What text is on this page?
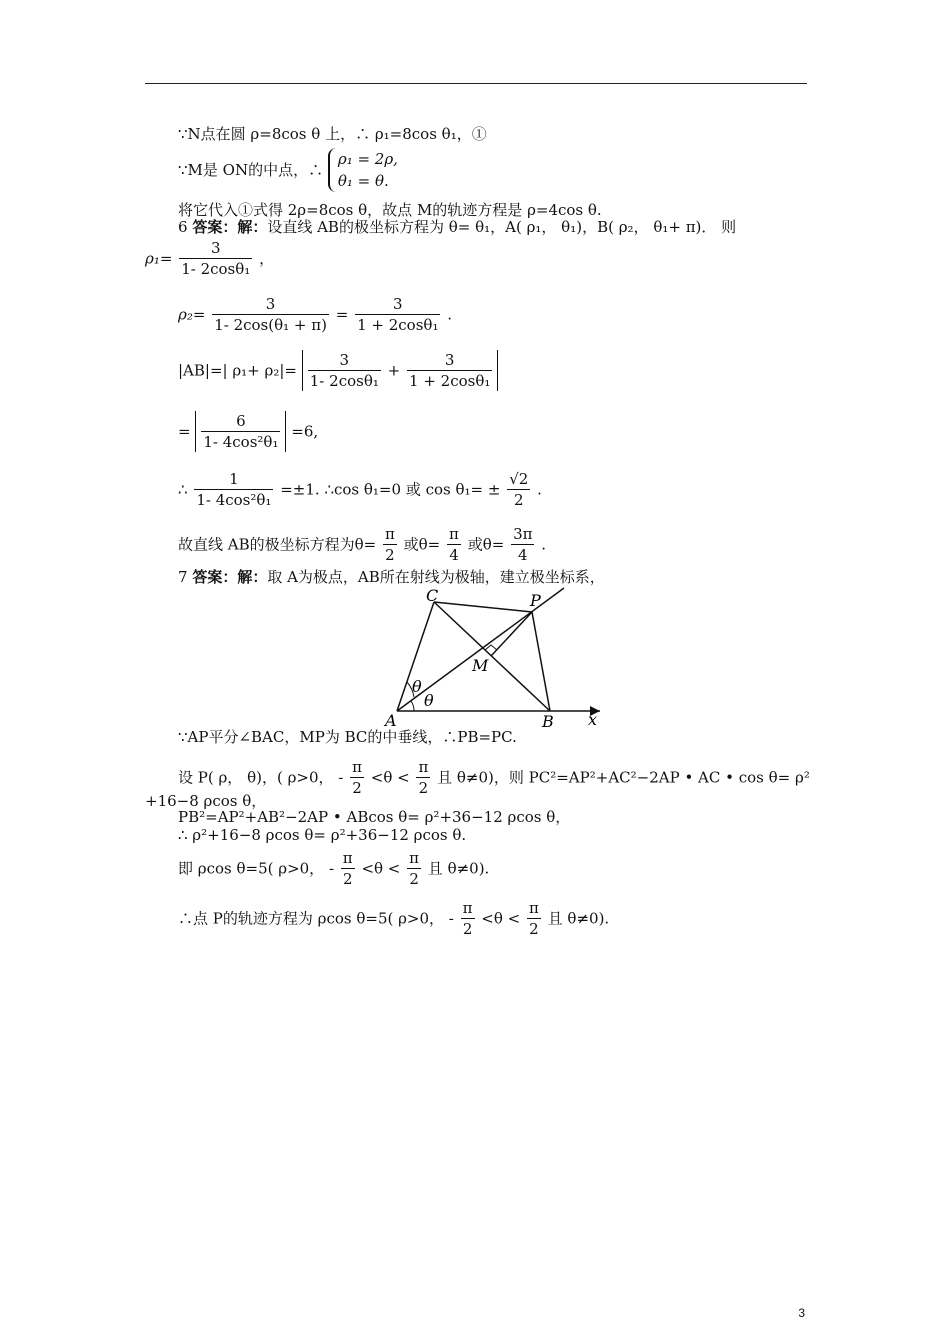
∵N点在圆 ρ=8cos θ 上，∴ ρ₁=8cos θ₁，①
∵M是 ON的中点，∴
ρ₁ = 2ρ,
θ₁ = θ.
将它代入①式得 2ρ=8cos θ，故点 M的轨迹方程是 ρ=4cos θ.
6 答案：解：设直线 AB的极坐标方程为 θ= θ₁，A( ρ₁， θ₁)，B( ρ₂， θ₁+ π)． 则
$\rho_1= \frac{3}{\text{1- 2cosθ₁}}$ ，
$\rho_2= \frac{3}{\text{1- 2cos(θ₁ + π)}} = \frac{3}{\text{1 + 2cosθ₁}}$ .
|AB|=| $\rho_1+ \rho_2|= \frac{3}{\text{1- 2cosθ₁}} + \frac{3}{\text{1 + 2cosθ₁}}$
= $\frac{6}{\text{1- 4cos²θ₁}} =6$,
∴ $\frac{1}{\text{1- 4cos²θ₁}} =\pm 1$. ∴cos θ₁=0 或 $\cos \theta_1= \pm \frac{√2}{2}$ .
故直线 AB的极坐标方程为$\theta= \frac{\pi}{2}$ 或$\theta= \frac{\pi}{4}$ 或$\theta= \frac{3\pi}{4}$ .
7 答案：解：取 A为极点，AB所在射线为极轴，建立极坐标系，
C	P
M
A	B x
θ
θ
∵AP平分∠BAC，MP为 BC的中垂线，∴PB=PC.
设 P( ρ， θ)，( ρ>0， - $\frac{\pi}{2} <\theta < \frac{\pi}{2}$ 且 θ≠0)，则 PC²=AP²+AC²−2AP • AC • cos θ= ρ²
+16−8 ρcos θ，
PB²=AP²+AB²−2AP • ABcos θ= ρ²+36−12 ρcos θ，
∴ ρ²+16−8 ρcos θ= ρ²+36−12 ρcos θ.
即 ρcos θ=5( ρ>0， - $\frac{\pi}{2} <\theta < \frac{\pi}{2}$ 且 θ≠0).
∴点 P的轨迹方程为 ρcos θ=5( ρ>0， - $\frac{\pi}{2} <\theta < \frac{\pi}{2}$ 且 θ≠0).
3
